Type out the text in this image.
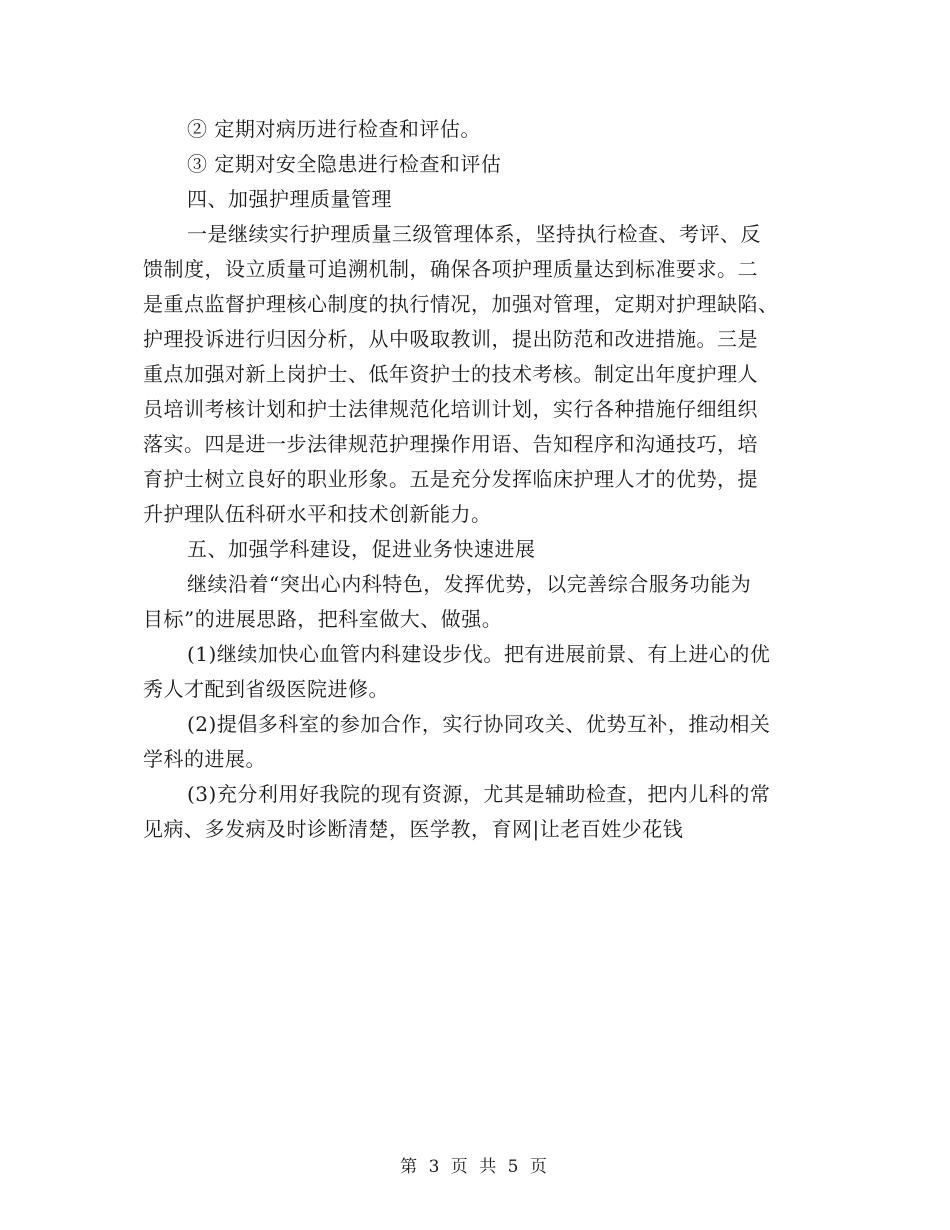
② 定期对病历进行检查和评估。
③ 定期对安全隐患进行检查和评估
四、加强护理质量管理
一是继续实行护理质量三级管理体系，坚持执行检查、考评、反
馈制度，设立质量可追溯机制，确保各项护理质量达到标准要求。二
是重点监督护理核心制度的执行情况，加强对管理，定期对护理缺陷、
护理投诉进行归因分析，从中吸取教训，提出防范和改进措施。三是
重点加强对新上岗护士、低年资护士的技术考核。制定出年度护理人
员培训考核计划和护士法律规范化培训计划，实行各种措施仔细组织
落实。四是进一步法律规范护理操作用语、告知程序和沟通技巧，培
育护士树立良好的职业形象。五是充分发挥临床护理人才的优势，提
升护理队伍科研水平和技术创新能力。
五、加强学科建设，促进业务快速进展
继续沿着“突出心内科特色，发挥优势，以完善综合服务功能为
目标”的进展思路，把科室做大、做强。
(1)继续加快心血管内科建设步伐。把有进展前景、有上进心的优
秀人才配到省级医院进修。
(2)提倡多科室的参加合作，实行协同攻关、优势互补，推动相关
学科的进展。
(3)充分利用好我院的现有资源，尤其是辅助检查，把内儿科的常
见病、多发病及时诊断清楚，医学教，育网|让老百姓少花钱
第 3 页 共 5 页
